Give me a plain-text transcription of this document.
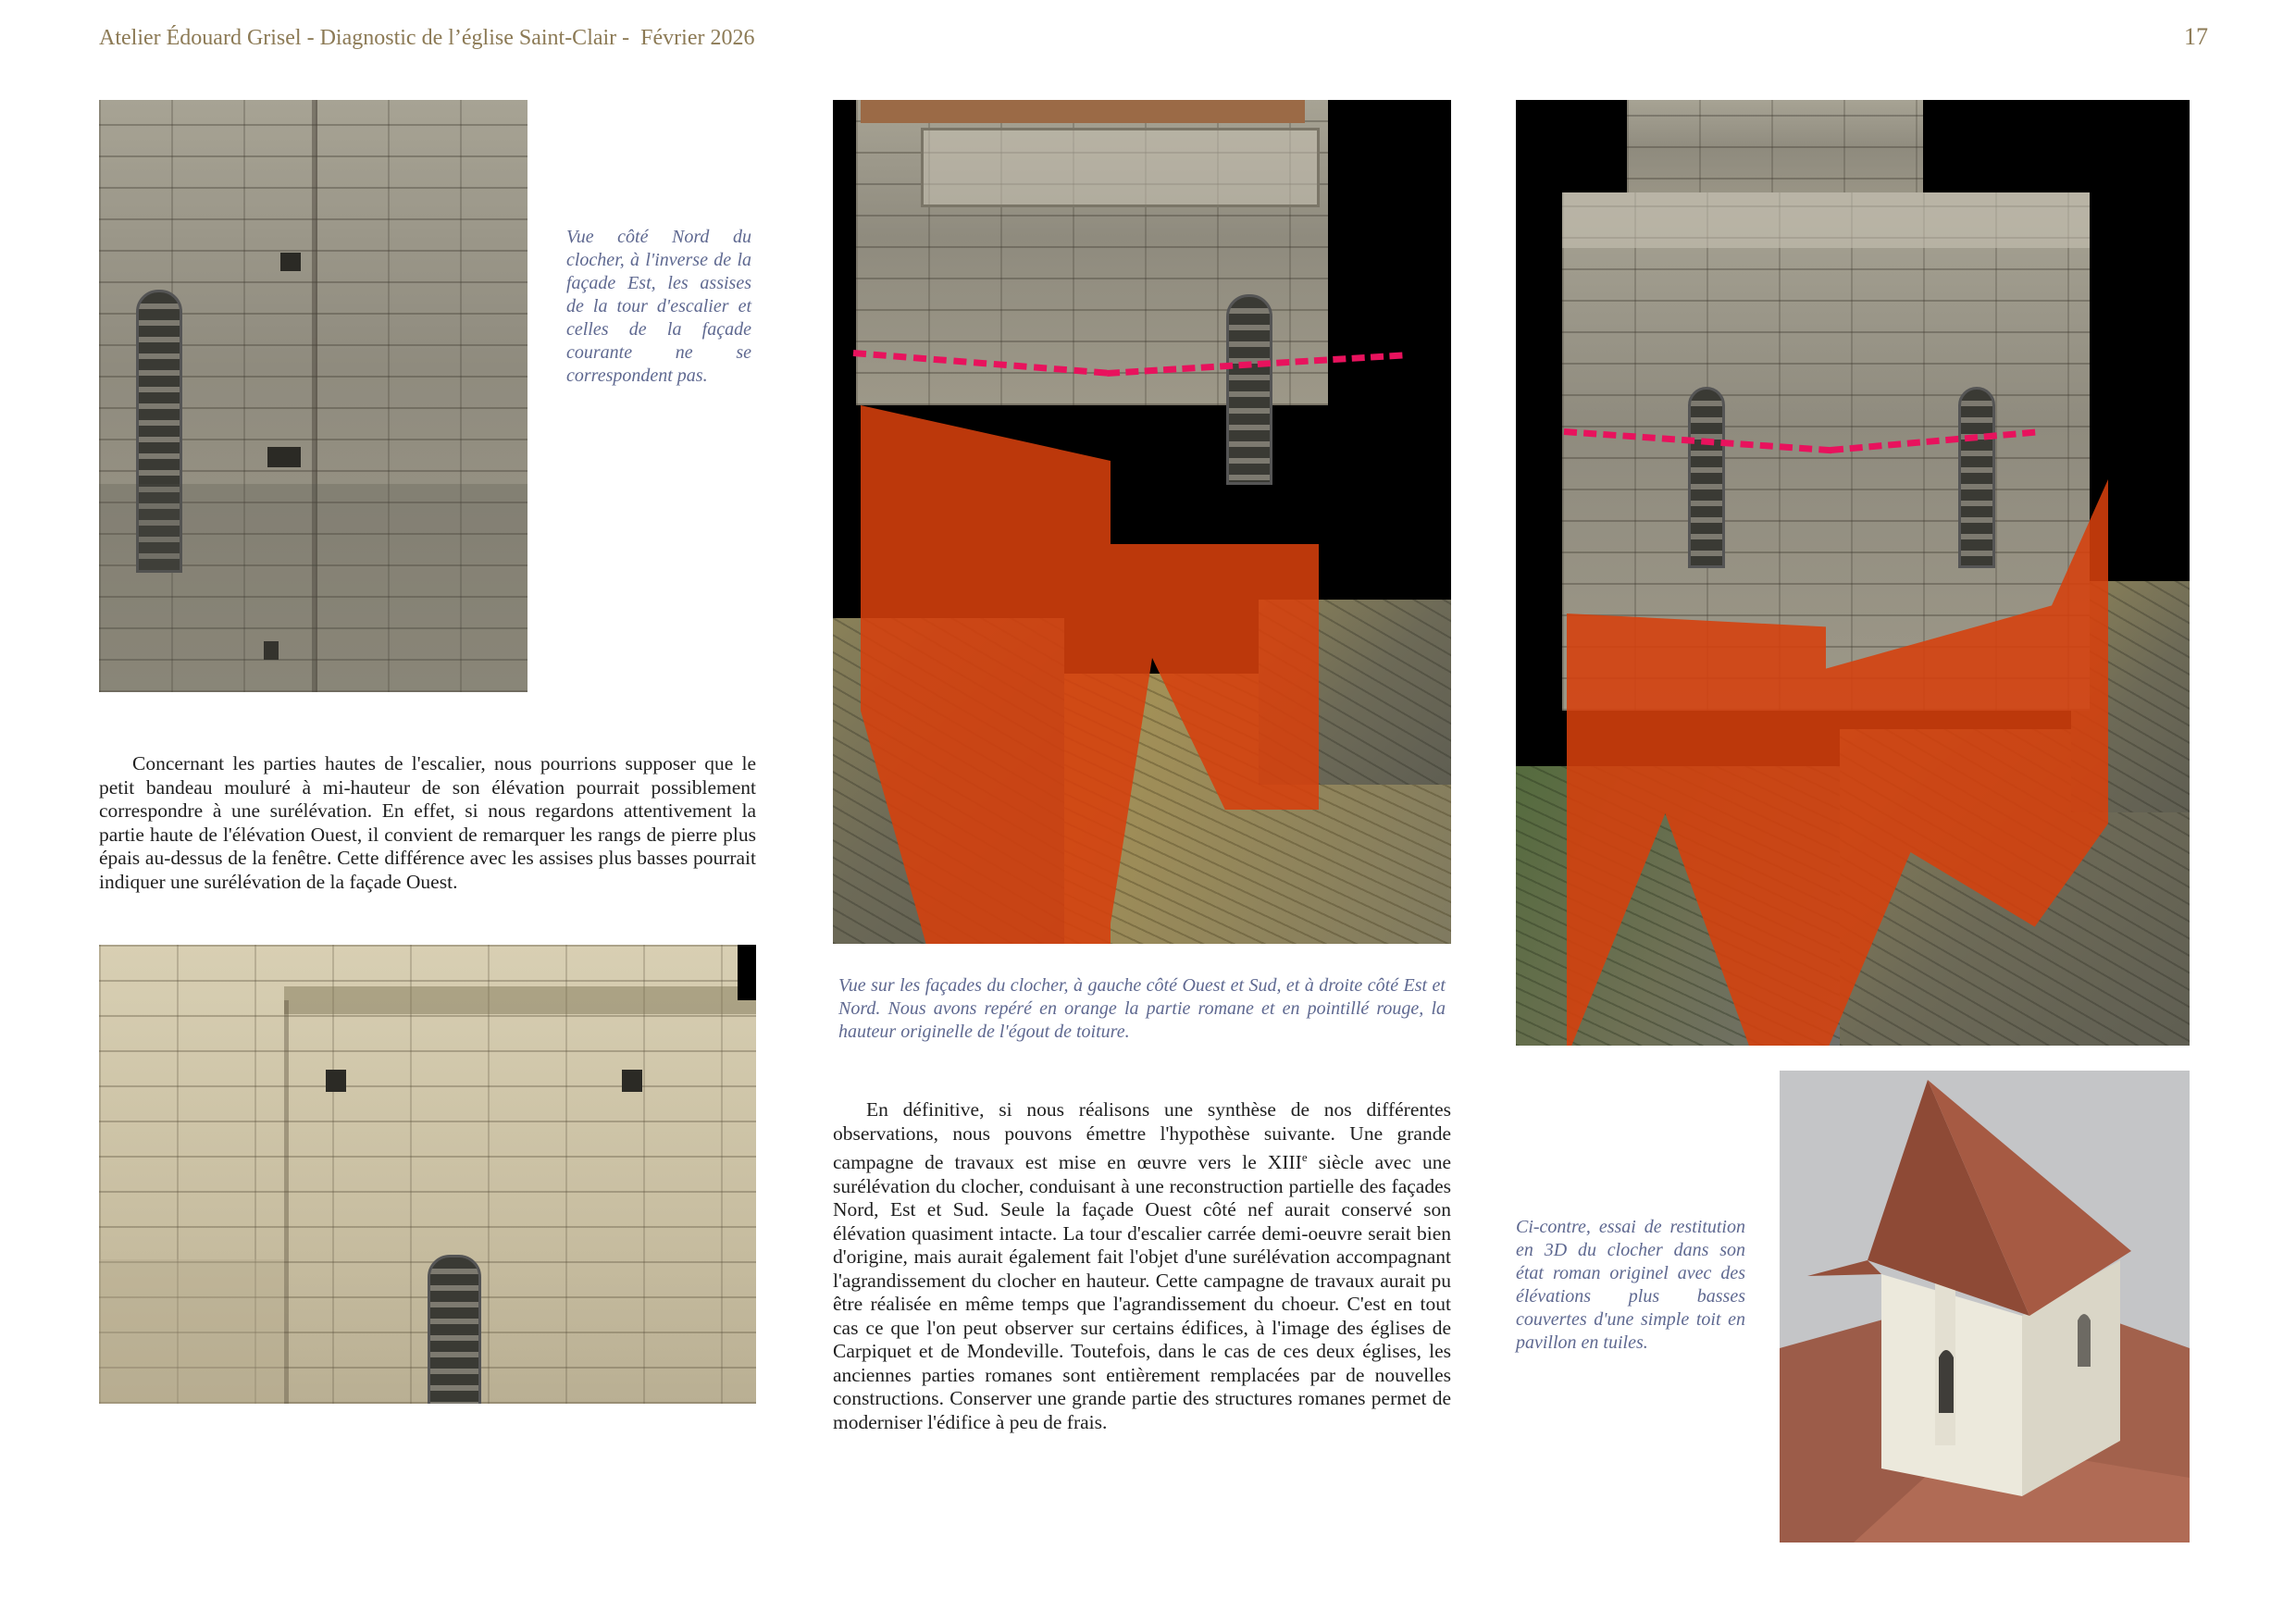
Atelier Édouard Grisel - Diagnostic de l’église Saint-Clair -  Février 2026	17
Vue côté Nord du clocher, à l'inverse de la façade Est, les assises de la tour d'escalier et celles de la façade courante ne se correspondent pas.
Concernant les parties hautes de l'escalier, nous pourrions supposer que le petit bandeau mouluré à mi-hauteur de son élévation pourrait possiblement correspondre à une surélévation. En effet, si nous regardons attentivement la partie haute de l'élévation Ouest, il convient de remarquer les rangs de pierre plus épais au-dessus de la fenêtre. Cette différence avec les assises plus basses pourrait indiquer une surélévation de la façade Ouest.
Vue sur les façades du clocher, à gauche côté Ouest et Sud, et à droite côté Est et Nord. Nous avons repéré en orange la partie romane et en pointillé rouge, la hauteur originelle de l'égout de toiture.
En définitive, si nous réalisons une synthèse de nos différentes observations, nous pouvons émettre l'hypothèse suivante. Une grande campagne de travaux est mise en œuvre vers le XIIIe siècle avec une surélévation du clocher, conduisant à une reconstruction partielle des façades Nord, Est et Sud. Seule la façade Ouest côté nef aurait conservé son élévation quasiment intacte. La tour d'escalier carrée demi-oeuvre serait bien d'origine, mais aurait également fait l'objet d'une surélévation accompagnant l'agrandissement du clocher en hauteur. Cette campagne de travaux aurait pu être réalisée en même temps que l'agrandissement du choeur. C'est en tout cas ce que l'on peut observer sur certains édifices, à l'image des églises de Carpiquet et de Mondeville. Toutefois, dans le cas de ces deux églises, les anciennes parties romanes sont entièrement remplacées par de nouvelles constructions. Conserver une grande partie des structures romanes permet de moderniser l'édifice à peu de frais.
Ci-contre, essai de restitution en 3D du clocher dans son état roman originel avec des élévations plus basses couvertes d'une simple toit en pavillon en tuiles.
